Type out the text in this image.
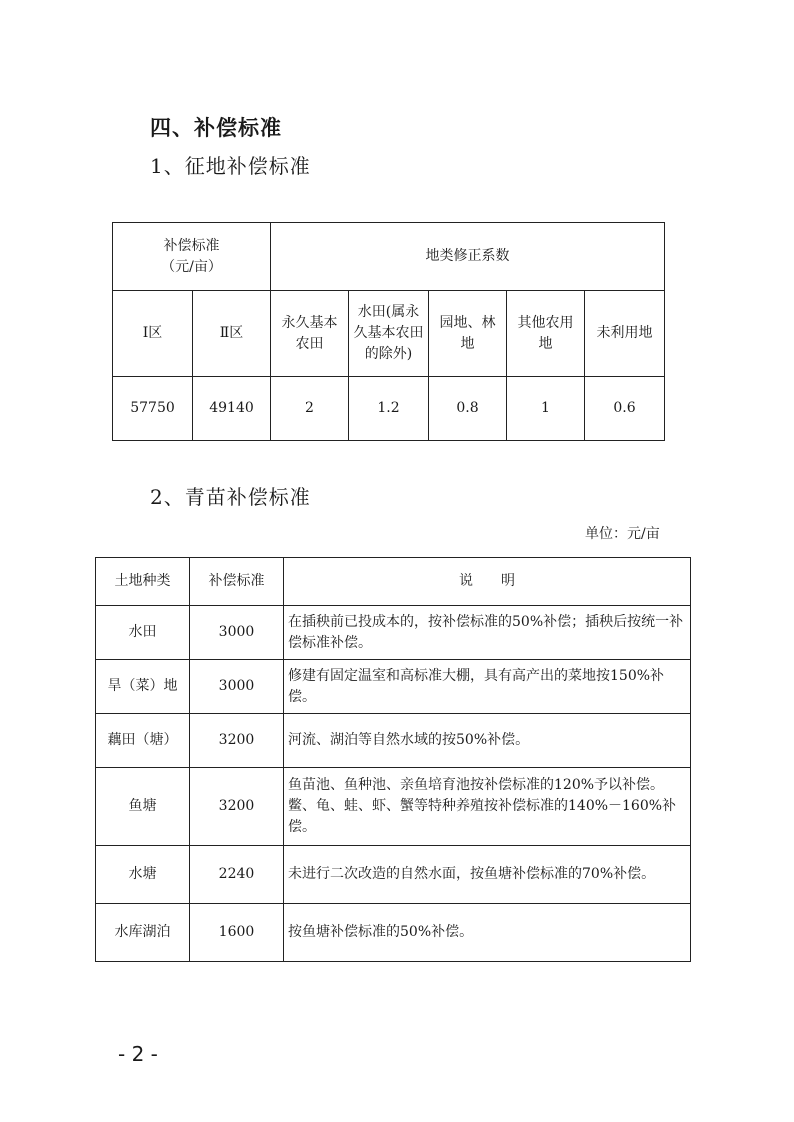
四、补偿标准
1、征地补偿标准
补偿标准
（元/亩）		地类修正系数				
Ⅰ区	Ⅱ区	永久基本农田	水田(属永久基本农田的除外)	园地、林地	其他农用地	未利用地
57750	49140	2	1.2	0.8	1	0.6
2、青苗补偿标准
单位：元/亩
土地种类	补偿标准	说　　明
水田	3000	在插秧前已投成本的，按补偿标准的50%补偿；插秧后按统一补偿标准补偿。
旱（菜）地	3000	修建有固定温室和高标准大棚，具有高产出的菜地按150%补偿。
藕田（塘）	3200	河流、湖泊等自然水域的按50%补偿。
鱼塘	3200	鱼苗池、鱼种池、亲鱼培育池按补偿标准的120%予以补偿。鳖、龟、蛙、虾、蟹等特种养殖按补偿标准的140%－160%补偿。
水塘	2240	未进行二次改造的自然水面，按鱼塘补偿标准的70%补偿。
水库湖泊	1600	按鱼塘补偿标准的50%补偿。
- 2 -
